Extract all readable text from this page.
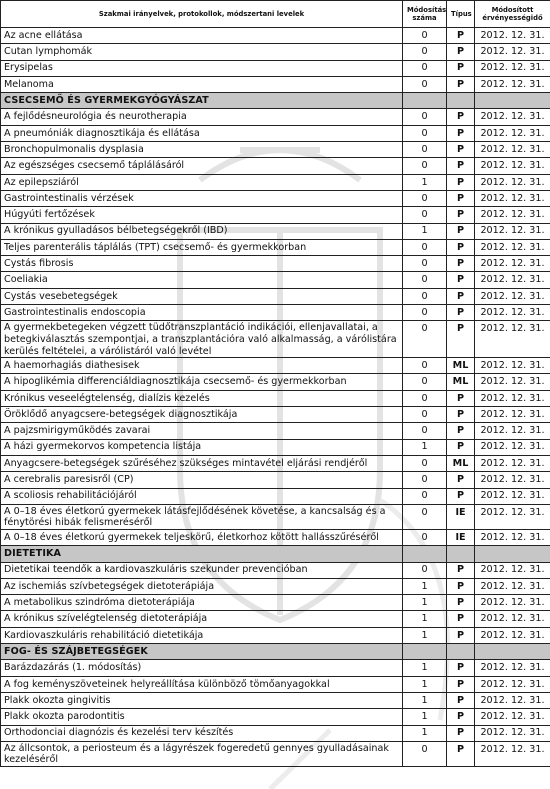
Szakmai irányelvek, protokollok, módszertani levelek	Módosítás száma	Típus	Módosított érvényességidő
Az acne ellátása	0	P	2012. 12. 31.
Cutan lymphomák	0	P	2012. 12. 31.
Erysipelas	0	P	2012. 12. 31.
Melanoma	0	P	2012. 12. 31.
CSECSEMŐ ÉS GYERMEKGYÓGYÁSZAT			
A fejlődésneurológia és neurotherapia	0	P	2012. 12. 31.
A pneumóniák diagnosztikája és ellátása	0	P	2012. 12. 31.
Bronchopulmonalis dysplasia	0	P	2012. 12. 31.
Az egészséges csecsemő táplálásáról	0	P	2012. 12. 31.
Az epilepsziáról	1	P	2012. 12. 31.
Gastrointestinalis vérzések	0	P	2012. 12. 31.
Húgyúti fertőzések	0	P	2012. 12. 31.
A krónikus gyulladásos bélbetegségekről (IBD)	1	P	2012. 12. 31.
Teljes parenterális táplálás (TPT) csecsemő- és gyermekkorban	0	P	2012. 12. 31.
Cystás fibrosis	0	P	2012. 12. 31.
Coeliakia	0	P	2012. 12. 31.
Cystás vesebetegségek	0	P	2012. 12. 31.
Gastrointestinalis endoscopia	0	P	2012. 12. 31.
A gyermekbetegeken végzett tüdőtranszplantáció indikációi, ellenjavallatai, a betegkiválasztás szempontjai, a transzplantációra való alkalmasság, a várólistára kerülés feltételei, a várólistáról való levétel	0	P	2012. 12. 31.
A haemorhagiás diathesisek	0	ML	2012. 12. 31.
A hipoglikémia differenciáldiagnosztikája csecsemő- és gyermekkorban	0	ML	2012. 12. 31.
Krónikus veseelégtelenség, dialízis kezelés	0	P	2012. 12. 31.
Öröklődő anyagcsere-betegségek diagnosztikája	0	P	2012. 12. 31.
A pajzsmirigyműködés zavarai	0	P	2012. 12. 31.
A házi gyermekorvos kompetencia listája	1	P	2012. 12. 31.
Anyagcsere-betegségek szűréséhez szükséges mintavétel eljárási rendjéről	0	ML	2012. 12. 31.
A cerebralis paresisről (CP)	0	P	2012. 12. 31.
A scoliosis rehabilitációjáról	0	P	2012. 12. 31.
A 0–18 éves életkorú gyermekek látásfejlődésének követése, a kancsalság és a fénytörési hibák felismeréséről	0	IE	2012. 12. 31.
A 0–18 éves életkorú gyermekek teljeskörű, életkorhoz kötött hallásszűréséről	0	IE	2012. 12. 31.
DIETETIKA			
Dietetikai teendők a kardiovaszkuláris szekunder prevencióban	0	P	2012. 12. 31.
Az ischemiás szívbetegségek dietoterápiája	1	P	2012. 12. 31.
A metabolikus szindróma dietoterápiája	1	P	2012. 12. 31.
A krónikus szívelégtelenség dietoterápiája	1	P	2012. 12. 31.
Kardiovaszkuláris rehabilitáció dietetikája	1	P	2012. 12. 31.
FOG- ÉS SZÁJBETEGSÉGEK			
Barázdazárás (1. módosítás)	1	P	2012. 12. 31.
A fog keményszöveteinek helyreállítása különböző tömőanyagokkal	1	P	2012. 12. 31.
Plakk okozta gingivitis	1	P	2012. 12. 31.
Plakk okozta parodontitis	1	P	2012. 12. 31.
Orthodonciai diagnózis és kezelési terv készítés	1	P	2012. 12. 31.
Az állcsontok, a periosteum és a lágyrészek fogeredetű gennyes gyulladásainak kezeléséről	0	P	2012. 12. 31.
